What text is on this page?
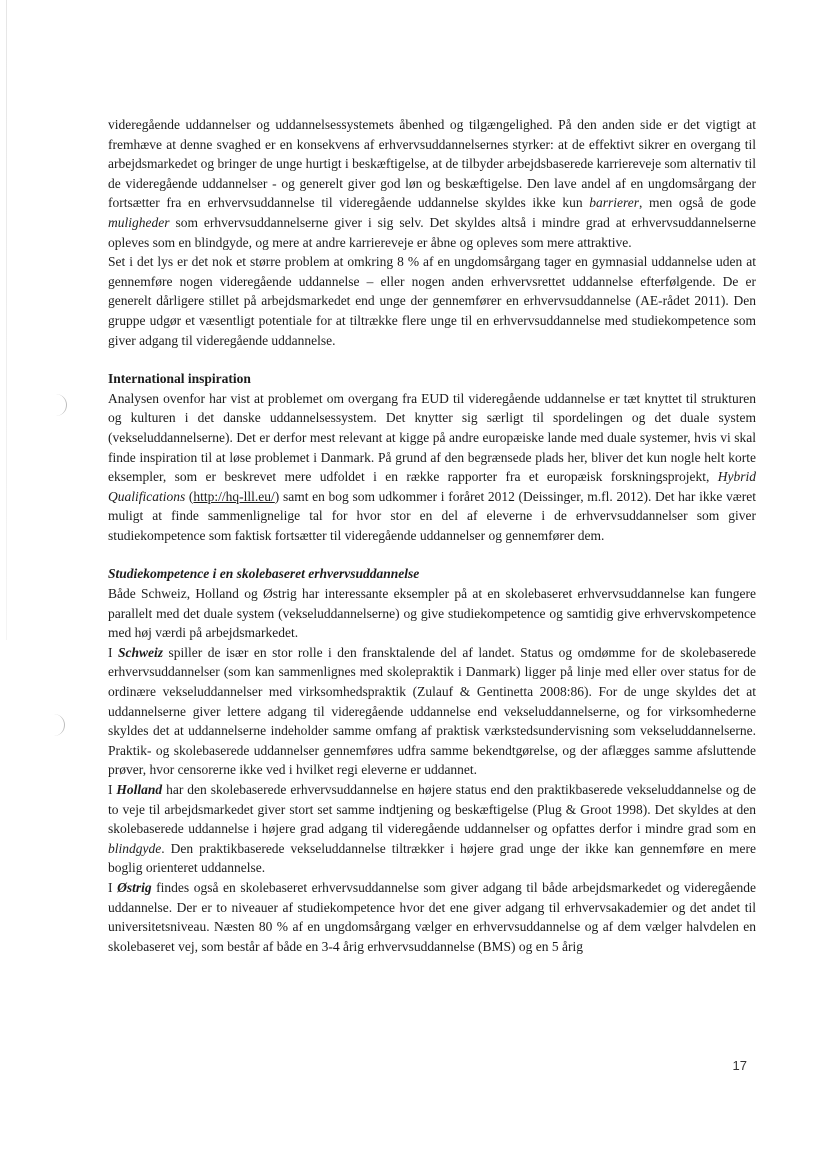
videregående uddannelser og uddannelsessystemets åbenhed og tilgængelighed. På den anden side er det vigtigt at fremhæve at denne svaghed er en konsekvens af erhvervsuddannelsernes styrker: at de effektivt sikrer en overgang til arbejdsmarkedet og bringer de unge hurtigt i beskæftigelse, at de tilbyder arbejdsbaserede karriereveje som alternativ til de videregående uddannelser - og generelt giver god løn og beskæftigelse. Den lave andel af en ungdomsårgang der fortsætter fra en erhvervsuddannelse til videregående uddannelse skyldes ikke kun barrierer, men også de gode muligheder som erhvervsuddannelserne giver i sig selv. Det skyldes altså i mindre grad at erhvervsuddannelserne opleves som en blindgyde, og mere at andre karriereveje er åbne og opleves som mere attraktive.

Set i det lys er det nok et større problem at omkring 8 % af en ungdomsårgang tager en gymnasial uddannelse uden at gennemføre nogen videregående uddannelse – eller nogen anden erhvervsrettet uddannelse efterfølgende. De er generelt dårligere stillet på arbejdsmarkedet end unge der gennemfører en erhvervsuddannelse (AE-rådet 2011). Den gruppe udgør et væsentligt potentiale for at tiltrække flere unge til en erhvervsuddannelse med studiekompetence som giver adgang til videregående uddannelse.

International inspiration

Analysen ovenfor har vist at problemet om overgang fra EUD til videregående uddannelse er tæt knyttet til strukturen og kulturen i det danske uddannelsessystem. Det knytter sig særligt til spordelingen og det duale system (vekseluddannelserne). Det er derfor mest relevant at kigge på andre europæiske lande med duale systemer, hvis vi skal finde inspiration til at løse problemet i Danmark. På grund af den begrænsede plads her, bliver det kun nogle helt korte eksempler, som er beskrevet mere udfoldet i en række rapporter fra et europæisk forskningsprojekt, Hybrid Qualifications (http://hq-lll.eu/) samt en bog som udkommer i foråret 2012 (Deissinger, m.fl. 2012). Det har ikke været muligt at finde sammenlignelige tal for hvor stor en del af eleverne i de erhvervsuddannelser som giver studiekompetence som faktisk fortsætter til videregående uddannelser og gennemfører dem.

Studiekompetence i en skolebaseret erhvervsuddannelse

Både Schweiz, Holland og Østrig har interessante eksempler på at en skolebaseret erhvervsuddannelse kan fungere parallelt med det duale system (vekseluddannelserne) og give studiekompetence og samtidig give erhvervskompetence med høj værdi på arbejdsmarkedet.

I Schweiz spiller de især en stor rolle i den fransktalende del af landet. Status og omdømme for de skolebaserede erhvervsuddannelser (som kan sammenlignes med skolepraktik i Danmark) ligger på linje med eller over status for de ordinære vekseluddannelser med virksomhedspraktik (Zulauf & Gentinetta 2008:86). For de unge skyldes det at uddannelserne giver lettere adgang til videregående uddannelse end vekseluddannelserne, og for virksomhederne skyldes det at uddannelserne indeholder samme omfang af praktisk værkstedsundervisning som vekseluddannelserne. Praktik- og skolebaserede uddannelser gennemføres udfra samme bekendtgørelse, og der aflægges samme afsluttende prøver, hvor censorerne ikke ved i hvilket regi eleverne er uddannet.

I Holland har den skolebaserede erhvervsuddannelse en højere status end den praktikbaserede vekseluddannelse og de to veje til arbejdsmarkedet giver stort set samme indtjening og beskæftigelse (Plug & Groot 1998). Det skyldes at den skolebaserede uddannelse i højere grad adgang til videregående uddannelser og opfattes derfor i mindre grad som en blindgyde. Den praktikbaserede vekseluddannelse tiltrækker i højere grad unge der ikke kan gennemføre en mere boglig orienteret uddannelse.

I Østrig findes også en skolebaseret erhvervsuddannelse som giver adgang til både arbejdsmarkedet og videregående uddannelse. Der er to niveauer af studiekompetence hvor det ene giver adgang til erhvervsakademier og det andet til universitetsniveau. Næsten 80 % af en ungdomsårgang vælger en erhvervsuddannelse og af dem vælger halvdelen en skolebaseret vej, som består af både en 3-4 årig erhvervsuddannelse (BMS) og en 5 årig

17
